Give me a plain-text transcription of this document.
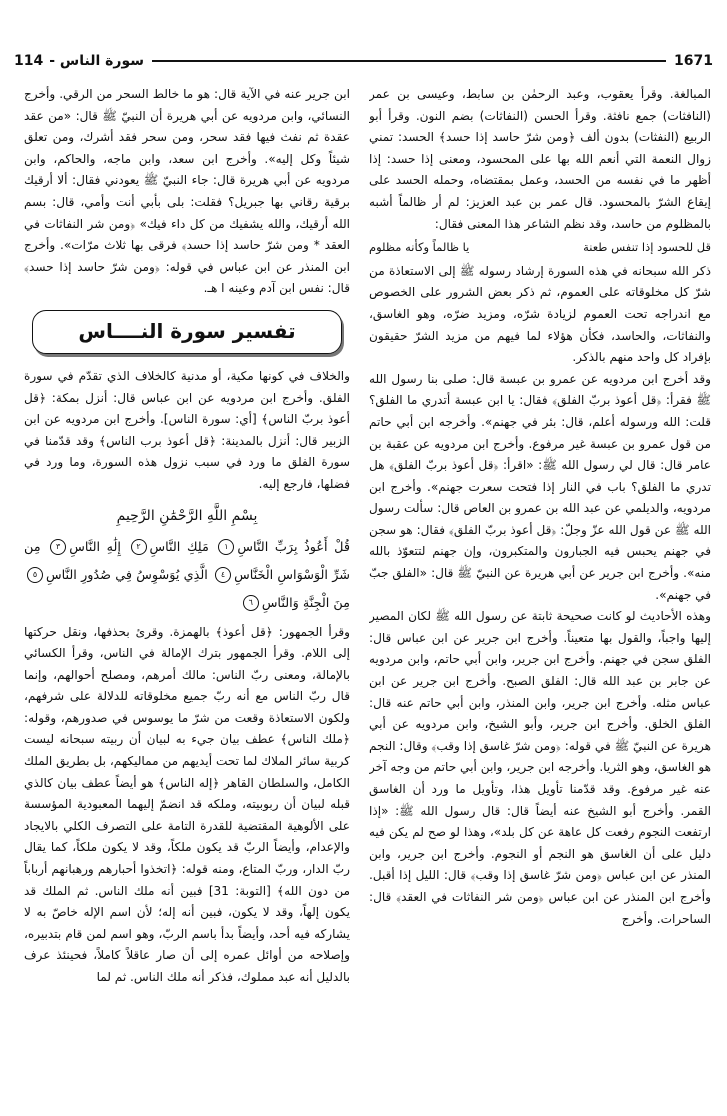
114 - سورة الناس	1671

المبالغة. وقرأ يعقوب، وعبد الرحمٰن بن سابط، وعيسى بن عمر (النافثات) جمع نافثة. وقرأ الحسن (النفاثات) بضم النون. وقرأ أبو الربيع (النفثات) بدون ألف ﴿ومن شرّ حاسد إذا حسد﴾ الحسد: تمني زوال النعمة التي أنعم الله بها على المحسود، ومعنى إذا حسد: إذا أظهر ما في نفسه من الحسد، وعمل بمقتضاه، وحمله الحسد على إيقاع الشرّ بالمحسود. قال عمر بن عبد العزيز: لم أر ظالماً أشبه بالمظلوم من حاسد، وقد نظم الشاعر هذا المعنى فقال:

قل للحسود إذا تنفس طعنة
يا ظالماً وكأنه مظلوم

ذكر الله سبحانه في هذه السورة إرشاد رسوله ﷺ إلى الاستعاذة من شرّ كل مخلوقاته على العموم، ثم ذكر بعض الشرور على الخصوص مع اندراجه تحت العموم لزيادة شرّه، ومزيد ضرّه، وهو الغاسق، والنفاثات، والحاسد، فكأن هؤلاء لما فيهم من مزيد الشرّ حقيقون بإفراد كل واحد منهم بالذكر.

وقد أخرج ابن مردويه عن عمرو بن عبسة قال: صلى بنا رسول الله ﷺ فقرأ: ﴿قل أعوذ بربّ الفلق﴾ فقال: يا ابن عبسة أتدري ما الفلق؟ قلت: الله ورسوله أعلم، قال: بئر في جهنم». وأخرجه ابن أبي حاتم من قول عمرو بن عبسة غير مرفوع. وأخرج ابن مردويه عن عقبة بن عامر قال: قال لي رسول الله ﷺ: «اقرأ: ﴿قل أعوذ بربّ الفلق﴾ هل تدري ما الفلق؟ باب في النار إذا فتحت سعرت جهنم». وأخرج ابن مردويه، والديلمي عن عبد الله بن عمرو بن العاص قال: سألت رسول الله ﷺ عن قول الله عزّ وجلّ: ﴿قل أعوذ بربّ الفلق﴾ فقال: هو سجن في جهنم يحبس فيه الجبارون والمتكبرون، وإن جهنم لتتعوّذ بالله منه». وأخرج ابن جرير عن أبي هريرة عن النبيّ ﷺ قال: «الفلق جبّ في جهنم».

وهذه الأحاديث لو كانت صحيحة ثابتة عن رسول الله ﷺ لكان المصير إليها واجباً، والقول بها متعيناً. وأخرج ابن جرير عن ابن عباس قال: الفلق سجن في جهنم. وأخرج ابن جرير، وابن أبي حاتم، وابن مردويه عن جابر بن عبد الله قال: الفلق الصبح. وأخرج ابن جرير عن ابن عباس مثله. وأخرج ابن جرير، وابن المنذر، وابن أبي حاتم عنه قال: الفلق الخلق. وأخرج ابن جرير، وأبو الشيخ، وابن مردويه عن أبي هريرة عن النبيّ ﷺ في قوله: ﴿ومن شرّ غاسق إذا وقب﴾ وقال: النجم هو الغاسق، وهو الثريا. وأخرجه ابن جرير، وابن أبي حاتم من وجه آخر عنه غير مرفوع. وقد قدّمنا تأويل هذا، وتأويل ما ورد أن الغاسق القمر. وأخرج أبو الشيخ عنه أيضاً قال: قال رسول الله ﷺ: «إذا ارتفعت النجوم رفعت كل عاهة عن كل بلد»، وهذا لو صح لم يكن فيه دليل على أن الغاسق هو النجم أو النجوم. وأخرج ابن جرير، وابن المنذر عن ابن عباس ﴿ومن شرّ غاسق إذا وقب﴾ قال: الليل إذا أقبل. وأخرج ابن المنذر عن ابن عباس ﴿ومن شر النفاثات في العقد﴾ قال: الساحرات. وأخرج

ابن جرير عنه في الآية قال: هو ما خالط السحر من الرقي. وأخرج النسائي، وابن مردويه عن أبي هريرة أن النبيّ ﷺ قال: «من عقد عقدة ثم نفث فيها فقد سحر، ومن سحر فقد أشرك، ومن تعلق شيئاً وكل إليه». وأخرج ابن سعد، وابن ماجه، والحاكم، وابن مردويه عن أبي هريرة قال: جاء النبيّ ﷺ يعودني فقال: ألا أرقيك برقية رقاني بها جبريل؟ فقلت: بلى بأبي أنت وأمي، قال: بسم الله أرقيك، والله يشفيك من كل داء فيك» ﴿ومن شر النفاثات في العقد * ومن شرّ حاسد إذا حسد﴾ فرقى بها ثلاث مرّات». وأخرج ابن المنذر عن ابن عباس في قوله: ﴿ومن شرّ حاسد إذا حسد﴾ قال: نفس ابن آدم وعينه ا هـ.

تفسير سورة النــــاس

والخلاف في كونها مكية، أو مدنية كالخلاف الذي تقدّم في سورة الفلق. وأخرج ابن مردويه عن ابن عباس قال: أنزل بمكة: ﴿قل أعوذ بربّ الناس﴾ [أي: سورة الناس]. وأخرج ابن مردويه عن ابن الزبير قال: أنزل بالمدينة: ﴿قل أعوذ برب الناس﴾ وقد قدّمنا في سورة الفلق ما ورد في سبب نزول هذه السورة، وما ورد في فضلها، فارجع إليه.

بِسْمِ اللَّهِ الرَّحْمَٰنِ الرَّحِيمِ
قُلْ أَعُوذُ بِرَبِّ النَّاسِ١ مَلِكِ النَّاسِ٢ إِلَٰهِ النَّاسِ٣ مِن شَرِّ الْوَسْوَاسِ الْخَنَّاسِ٤ الَّذِي يُوَسْوِسُ فِي صُدُورِ النَّاسِ٥ مِنَ الْجِنَّةِ وَالنَّاسِ٦

وقرأ الجمهور: ﴿قل أعوذ﴾ بالهمزة. وقرئ بحذفها، ونقل حركتها إلى اللام. وقرأ الجمهور بترك الإمالة في الناس، وقرأ الكسائي بالإمالة، ومعنى ربّ الناس: مالك أمرهم، ومصلح أحوالهم، وإنما قال ربّ الناس مع أنه ربّ جميع مخلوقاته للدلالة على شرفهم، ولكون الاستعاذة وقعت من شرّ ما يوسوس في صدورهم، وقوله: ﴿ملك الناس﴾ عطف بيان جيء به لبيان أن ربيته سبحانه ليست كربية سائر الملاك لما تحت أيديهم من مماليكهم، بل بطريق الملك الكامل، والسلطان القاهر ﴿إله الناس﴾ هو أيضاً عطف بيان كالذي قبله لبيان أن ربوبيته، وملكه قد انضمّ إليهما المعبودية المؤسسة على الألوهية المقتضية للقدرة التامة على التصرف الكلي بالايجاد والإعدام، وأيضاً الربّ قد يكون ملكاً، وقد لا يكون ملكاً، كما يقال ربّ الدار، وربّ المتاع، ومنه قوله: ﴿اتخذوا أحبارهم ورهبانهم أرباباً من دون الله﴾ [التوبة: 31] فبين أنه ملك الناس. ثم الملك قد يكون إلهاً، وقد لا يكون، فبين أنه إله؛ لأن اسم الإله خاصّ به لا يشاركه فيه أحد، وأيضاً بدأ باسم الربّ، وهو اسم لمن قام بتدبيره، وإصلاحه من أوائل عمره إلى أن صار عاقلاً كاملاً، فحينئذ عرف بالدليل أنه عبد مملوك، فذكر أنه ملك الناس. ثم لما
